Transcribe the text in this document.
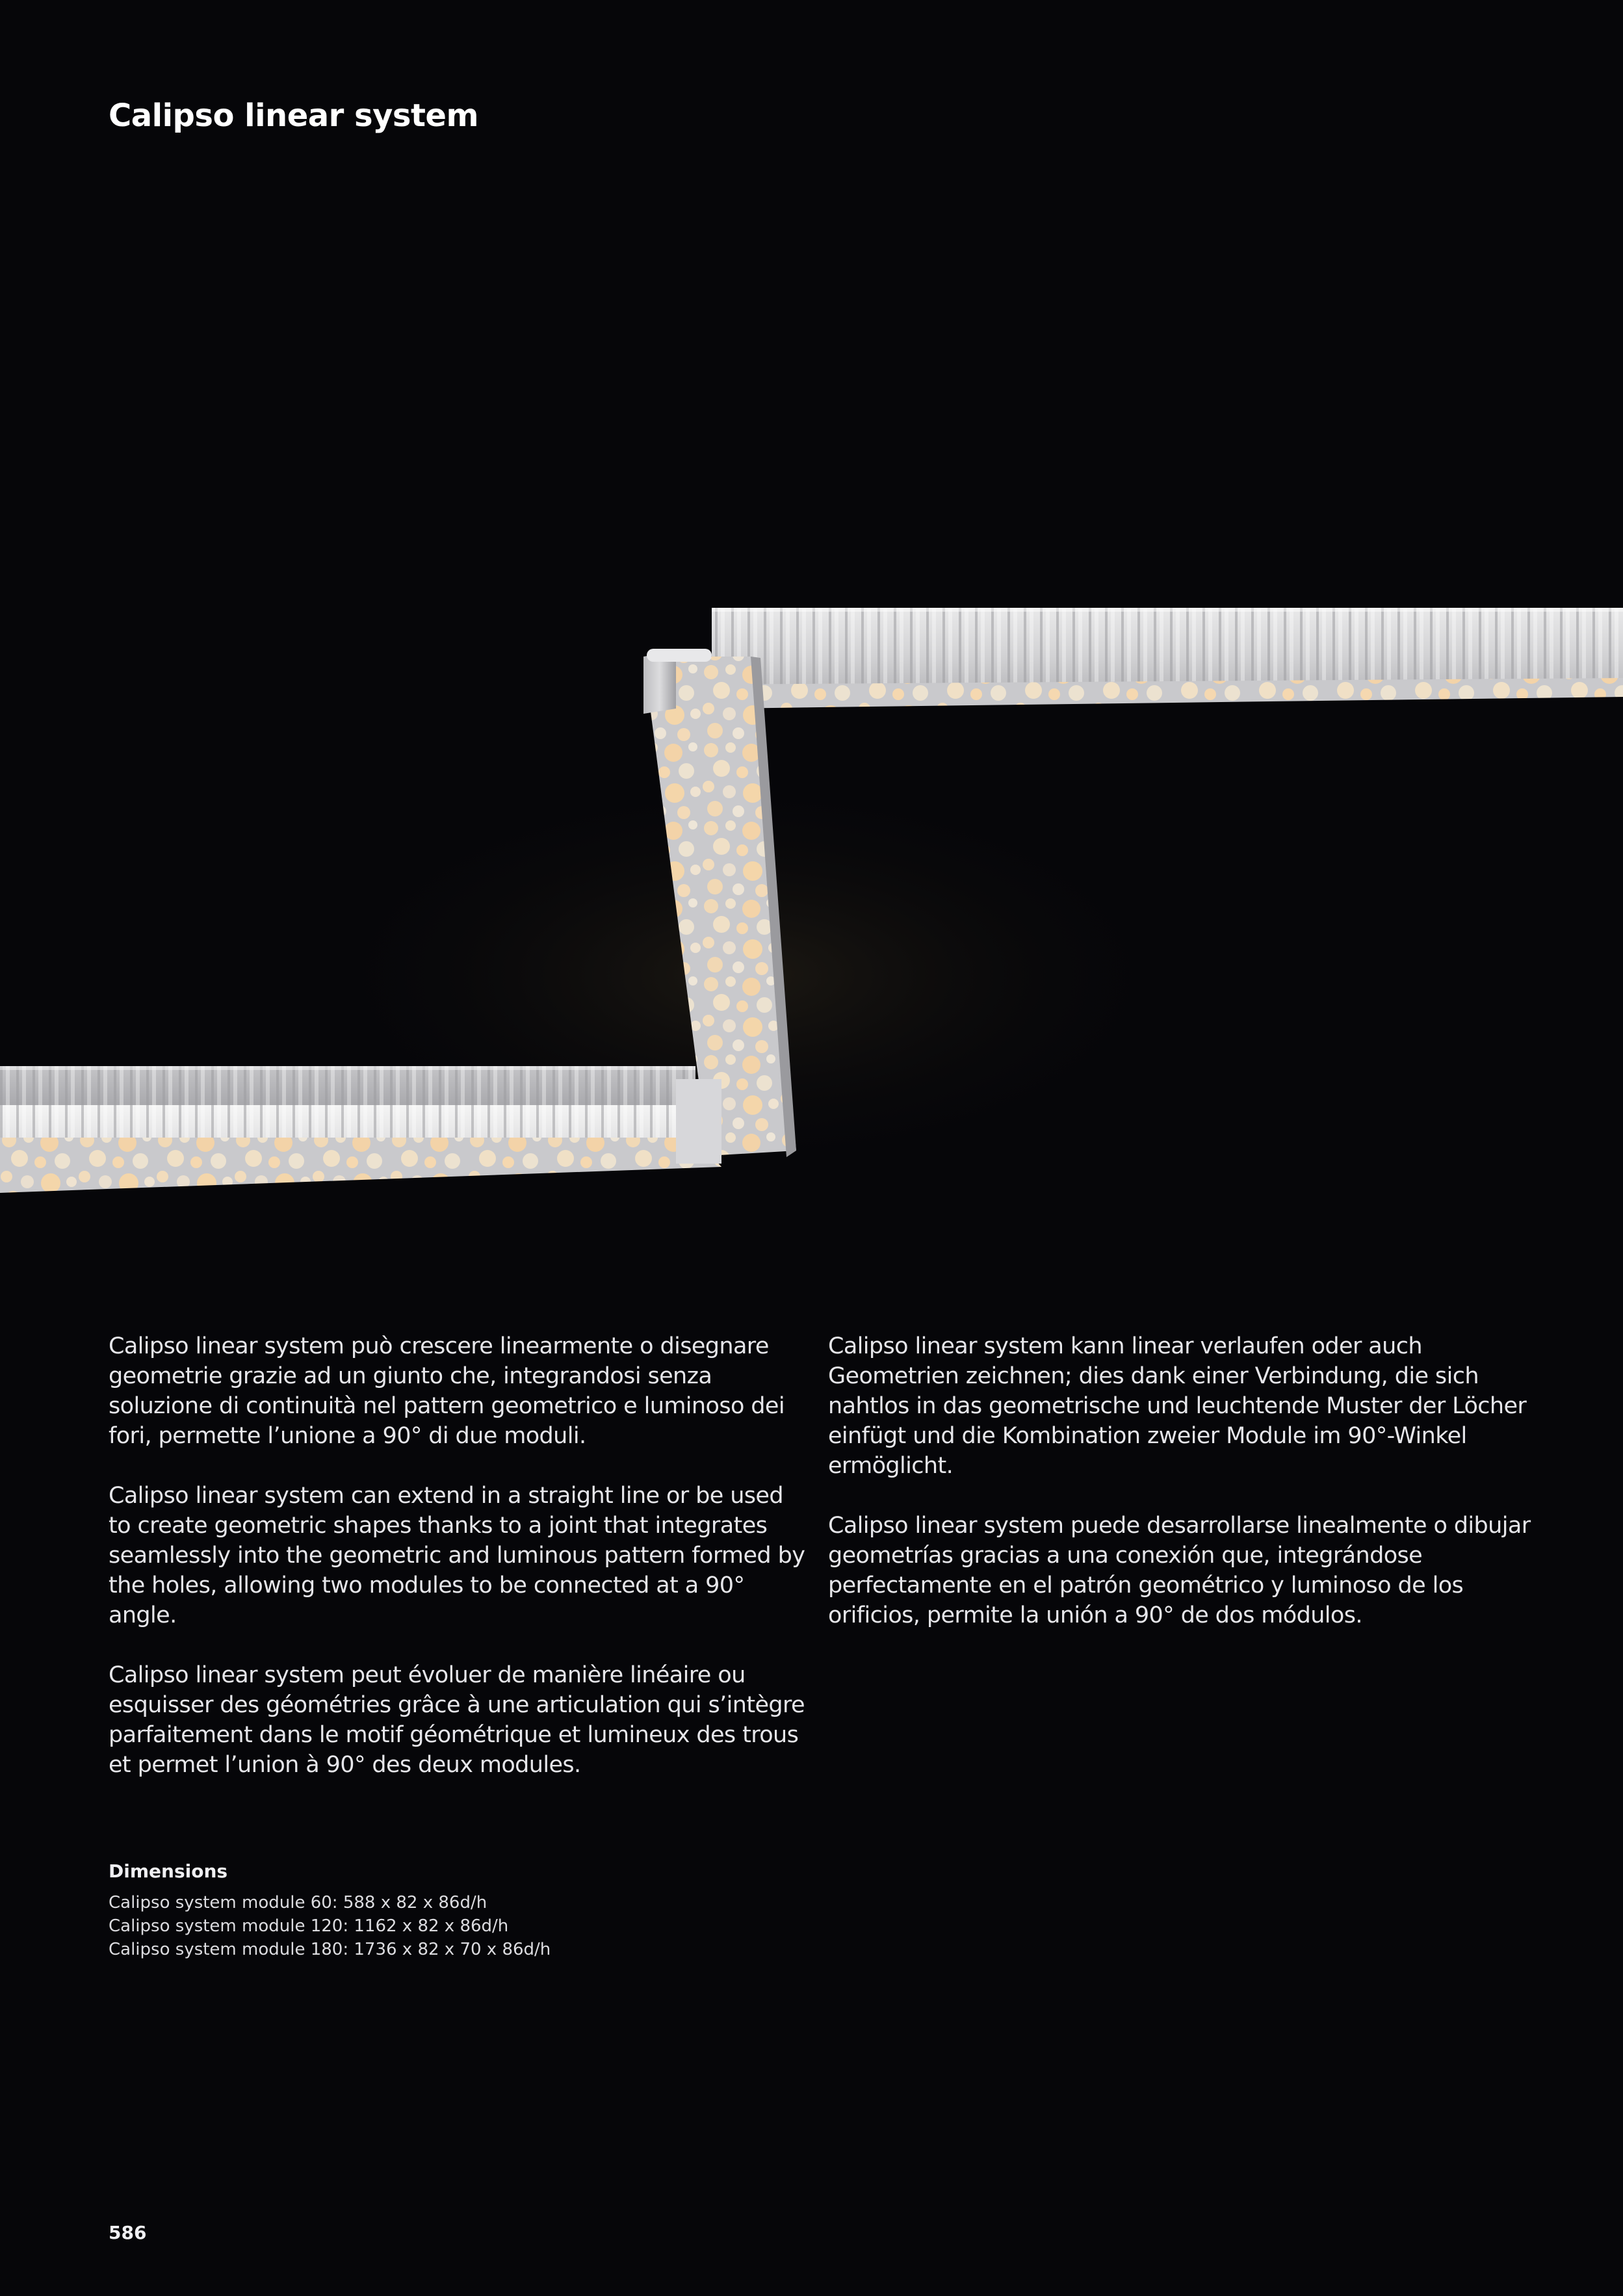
Calipso linear system

Calipso linear system può crescere linearmente o disegnare geometrie grazie ad un giunto che, integrandosi senza soluzione di continuità nel pattern geometrico e luminoso dei fori, permette l’unione a 90° di due moduli.

Calipso linear system can extend in a straight line or be used to create geometric shapes thanks to a joint that integrates seamlessly into the geometric and luminous pattern formed by the holes, allowing two modules to be connected at a 90° angle.

Calipso linear system peut évoluer de manière linéaire ou esquisser des géométries grâce à une articulation qui s’intègre parfaitement dans le motif géométrique et lumineux des trous et permet l’union à 90° des deux modules.

Calipso linear system kann linear verlaufen oder auch Geometrien zeichnen; dies dank einer Verbindung, die sich nahtlos in das geometrische und leuchtende Muster der Löcher einfügt und die Kombination zweier Module im 90°-Winkel ermöglicht.

Calipso linear system puede desarrollarse linealmente o dibujar geometrías gracias a una conexión que, integrándose perfectamente en el patrón geométrico y luminoso de los orificios, permite la unión a 90° de dos módulos.

Dimensions
Calipso system module 60: 588 x 82 x 86d/h
Calipso system module 120: 1162 x 82 x 86d/h
Calipso system module 180: 1736 x 82 x 70 x 86d/h
586
